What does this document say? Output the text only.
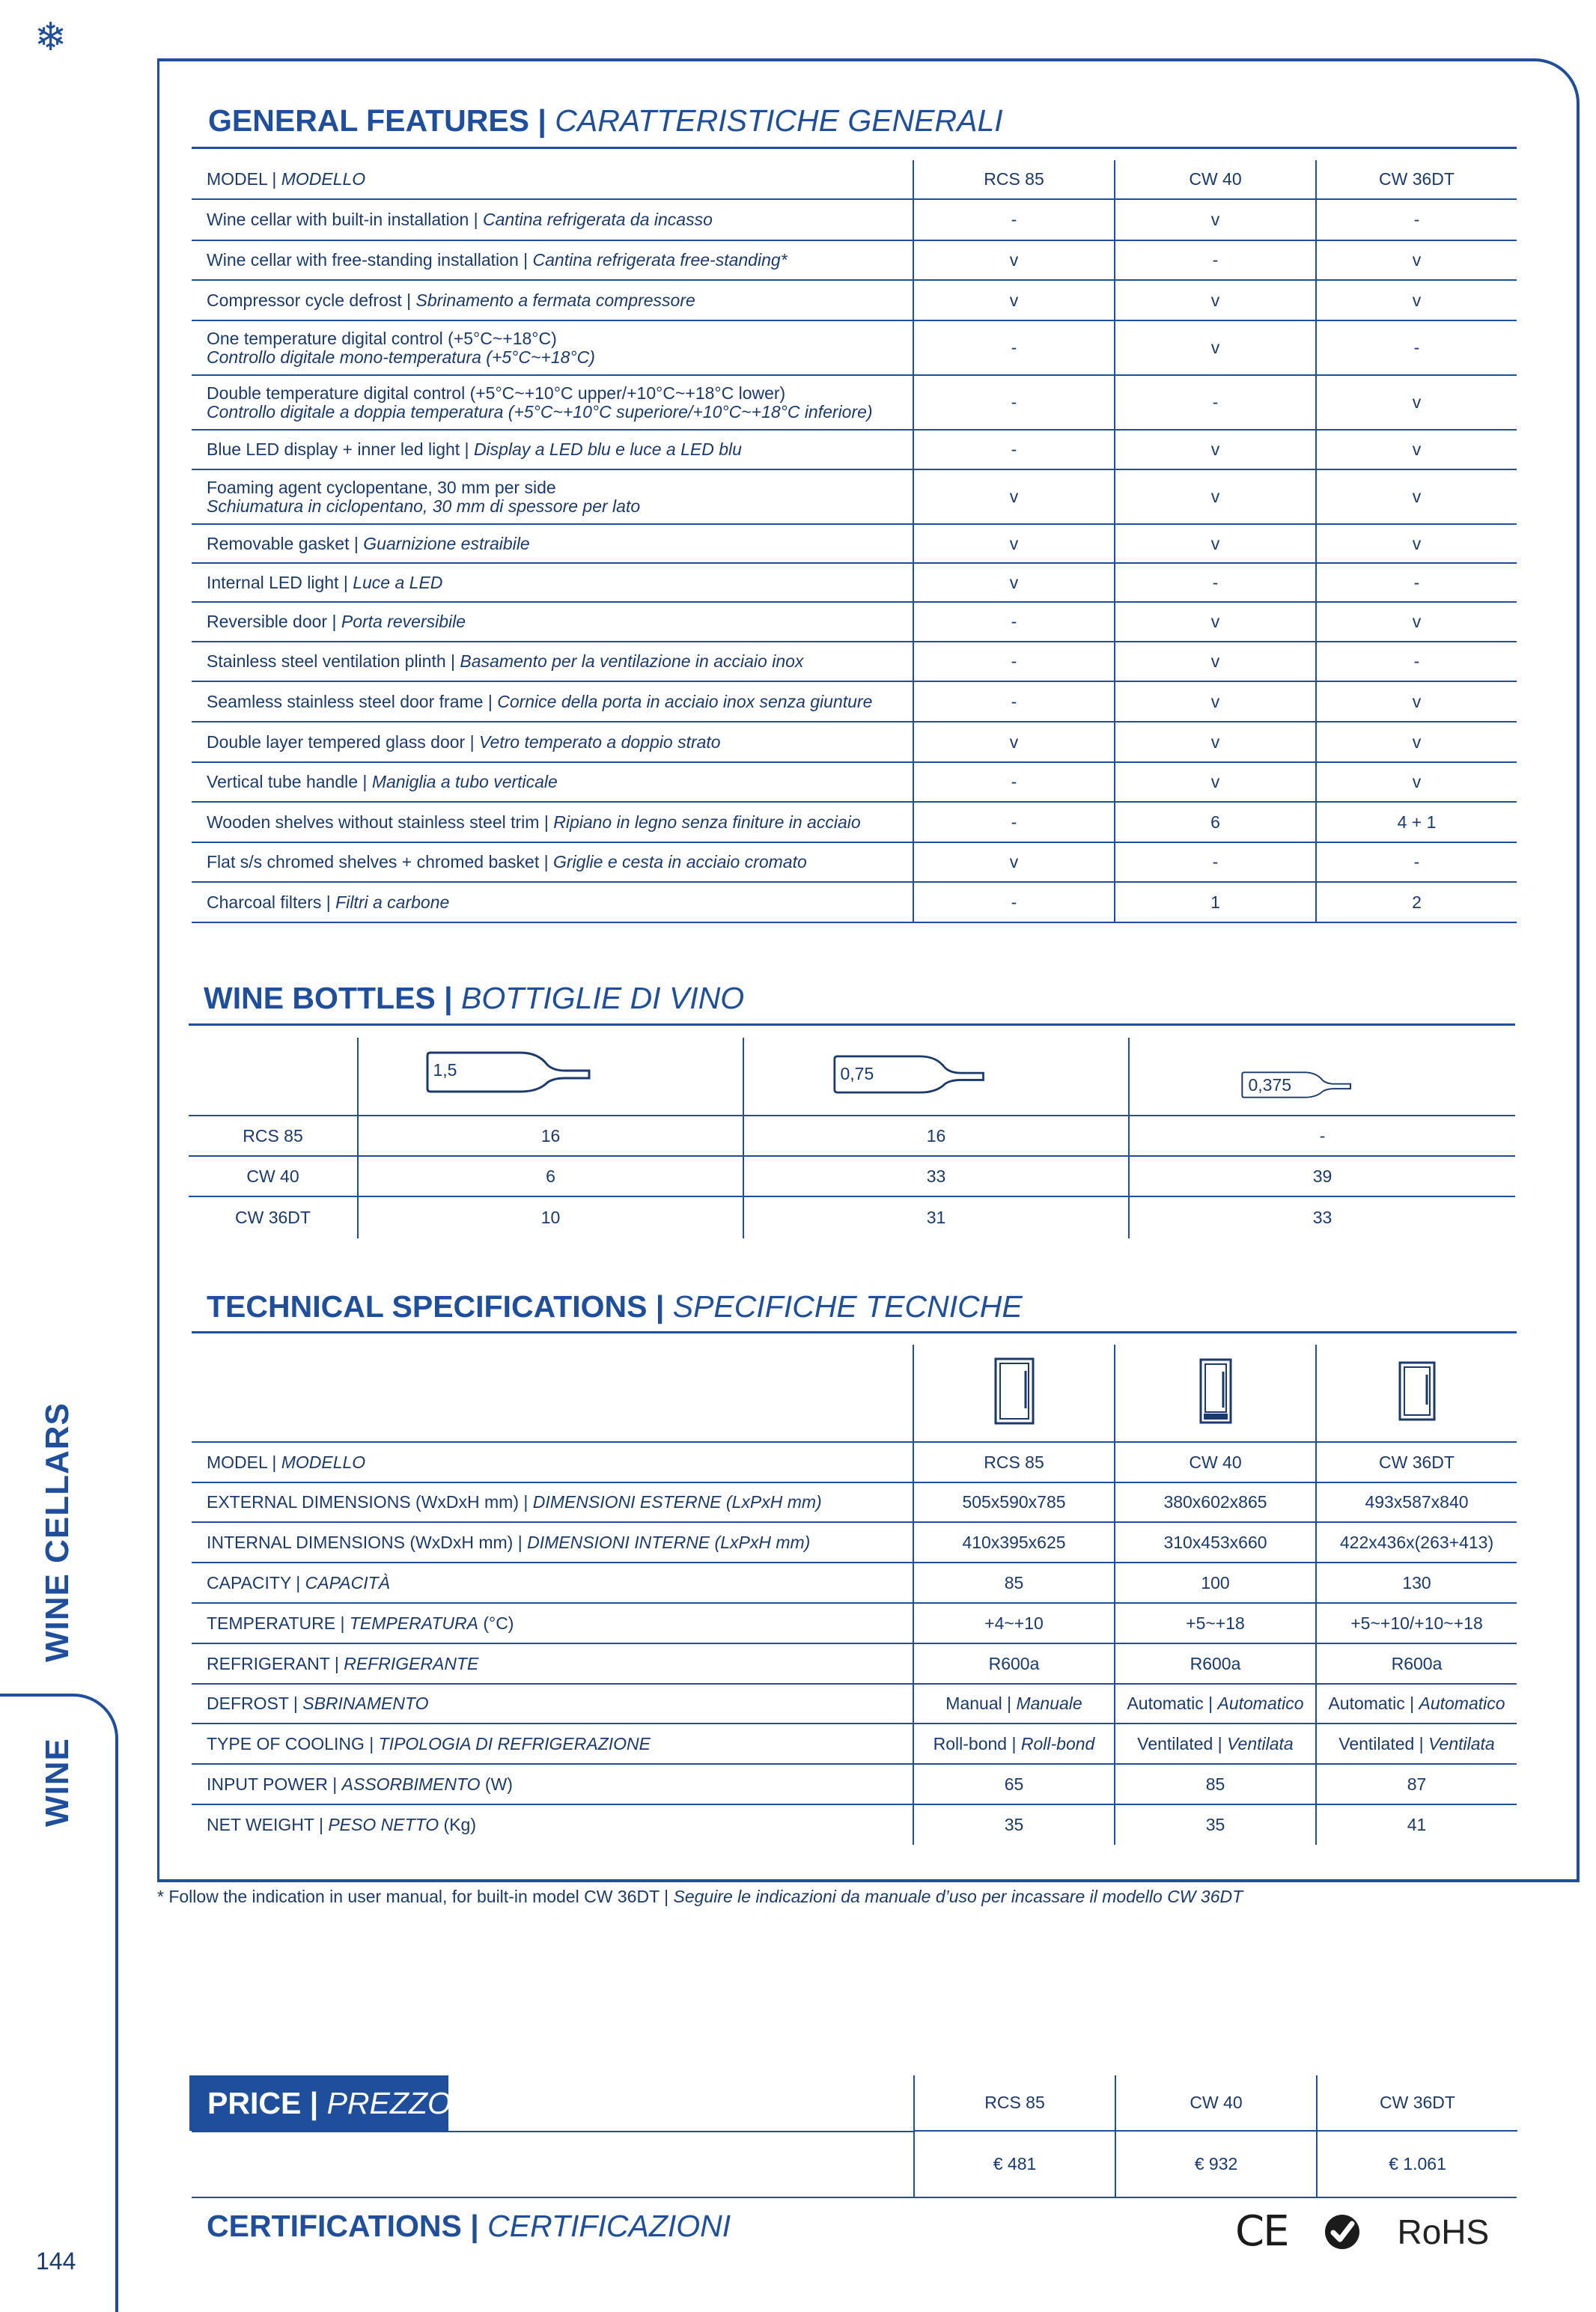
❄
WINE CELLARS
WINE
144
GENERAL FEATURES | CARATTERISTICHE GENERALI
MODEL | MODELLO	RCS 85	CW 40	CW 36DT
Wine cellar with built-in installation | Cantina refrigerata da incasso	-	v	-
Wine cellar with free-standing installation | Cantina refrigerata free-standing*	v	-	v
Compressor cycle defrost | Sbrinamento a fermata compressore	v	v	v
One temperature digital control (+5°C~+18°C)
Controllo digitale mono-temperatura (+5°C~+18°C)	-	v	-
Double temperature digital control (+5°C~+10°C upper/+10°C~+18°C lower)
Controllo digitale a doppia temperatura (+5°C~+10°C superiore/+10°C~+18°C inferiore)	-	-	v
Blue LED display + inner led light | Display a LED blu e luce a LED blu	-	v	v
Foaming agent cyclopentane, 30 mm per side
Schiumatura in ciclopentano, 30 mm di spessore per lato	v	v	v
Removable gasket | Guarnizione estraibile	v	v	v
Internal LED light | Luce a LED	v	-	-
Reversible door | Porta reversibile	-	v	v
Stainless steel ventilation plinth | Basamento per la ventilazione in acciaio inox	-	v	-
Seamless stainless steel door frame | Cornice della porta in acciaio inox senza giunture	-	v	v
Double layer tempered glass door | Vetro temperato a doppio strato	v	v	v
Vertical tube handle | Maniglia a tubo verticale	-	v	v
Wooden shelves without stainless steel trim | Ripiano in legno senza finiture in acciaio	-	6	4 + 1
Flat s/s chromed shelves + chromed basket | Griglie e cesta in acciaio cromato	v	-	-
Charcoal filters | Filtri a carbone	-	1	2
WINE BOTTLES | BOTTIGLIE DI VINO

	1,5	0,75	0,375

RCS 85	16	16	-
CW 40	6	33	39
CW 36DT	10	31	33
TECHNICAL SPECIFICATIONS | SPECIFICHE TECNICHE

MODEL | MODELLO	RCS 85	CW 40	CW 36DT
EXTERNAL DIMENSIONS (WxDxH mm) | DIMENSIONI ESTERNE (LxPxH mm)	505x590x785	380x602x865	493x587x840
INTERNAL DIMENSIONS (WxDxH mm) | DIMENSIONI INTERNE (LxPxH mm)	410x395x625	310x453x660	422x436x(263+413)
CAPACITY | CAPACITÀ	85	100	130
TEMPERATURE | TEMPERATURA (°C)	+4~+10	+5~+18	+5~+10/+10~+18
REFRIGERANT | REFRIGERANTE	R600a	R600a	R600a
DEFROST | SBRINAMENTO	Manual | Manuale	Automatic | Automatico	Automatic | Automatico
TYPE OF COOLING | TIPOLOGIA DI REFRIGERAZIONE	Roll-bond | Roll-bond	Ventilated | Ventilata	Ventilated | Ventilata
INPUT POWER | ASSORBIMENTO (W)	65	85	87
NET WEIGHT | PESO NETTO (Kg)	35	35	41
* Follow the indication in user manual, for built-in model CW 36DT | Seguire le indicazioni da manuale d’uso per incassare il modello CW 36DT
PRICE | PREZZO	RCS 85	CW 40	CW 36DT
€ 481	€ 932	€ 1.061
CERTIFICATIONS | CERTIFICAZIONI	CE	RoHS
